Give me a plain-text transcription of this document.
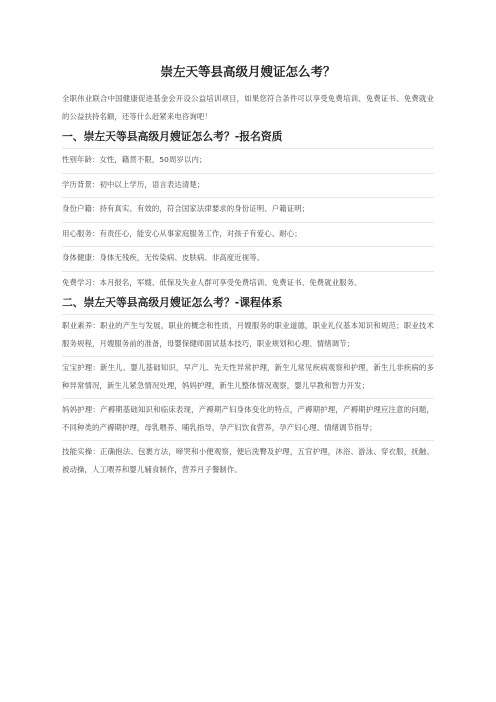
崇左天等县高级月嫂证怎么考？

全职伟业联合中国健康促进基金会开设公益培训项目，如果您符合条件可以享受免费培训、免费证书、免费就业的公益扶持名额，还等什么赶紧来电咨询吧！

一、崇左天等县高级月嫂证怎么考？-报名资质

性别年龄：女性，籍贯不限，50周岁以内；

学历背景：初中以上学历，语言表达清楚；

身份户籍：持有真实、有效的，符合国家法律要求的身份证明、户籍证明；

用心服务：有责任心，能安心从事家庭服务工作，对孩子有爱心、耐心；

身体健康：身体无残疾，无传染病、皮肤病、非高度近视等。

免费学习：本月报名，军嫂、低保及失业人群可享受免费培训、免费证书、免费就业服务。

二、崇左天等县高级月嫂证怎么考？-课程体系

职业素养：职业的产生与发展，职业的概念和性质，月嫂服务的职业道德，职业礼仪基本知识和规范；职业技术服务规程，月嫂服务前的准备，母婴保健师面试基本技巧，职业规划和心理、情绪调节；

宝宝护理：新生儿、婴儿基础知识，早产儿、先天性异常护理，新生儿常见疾病观察和护理，新生儿非疾病的多种异常情况，新生儿紧急情况处理，妈妈护理，新生儿整体情况观察，婴儿早教和智力开发；

妈妈护理：产褥期基础知识和临床表现，产褥期产妇身体变化的特点，产褥期护理，产褥期护理应注意的问题，不同种类的产褥期护理，母乳喂养、哺乳指导，孕产妇饮食营养，孕产妇心理、情绪调节指导；

技能实操：正确抱法、包裹方法，啼哭和小便观察，便后洗臀及护理，五官护理，沐浴、游泳、穿衣服，抚触、被动操，人工喂养和婴儿辅食制作，营养月子餐制作。
